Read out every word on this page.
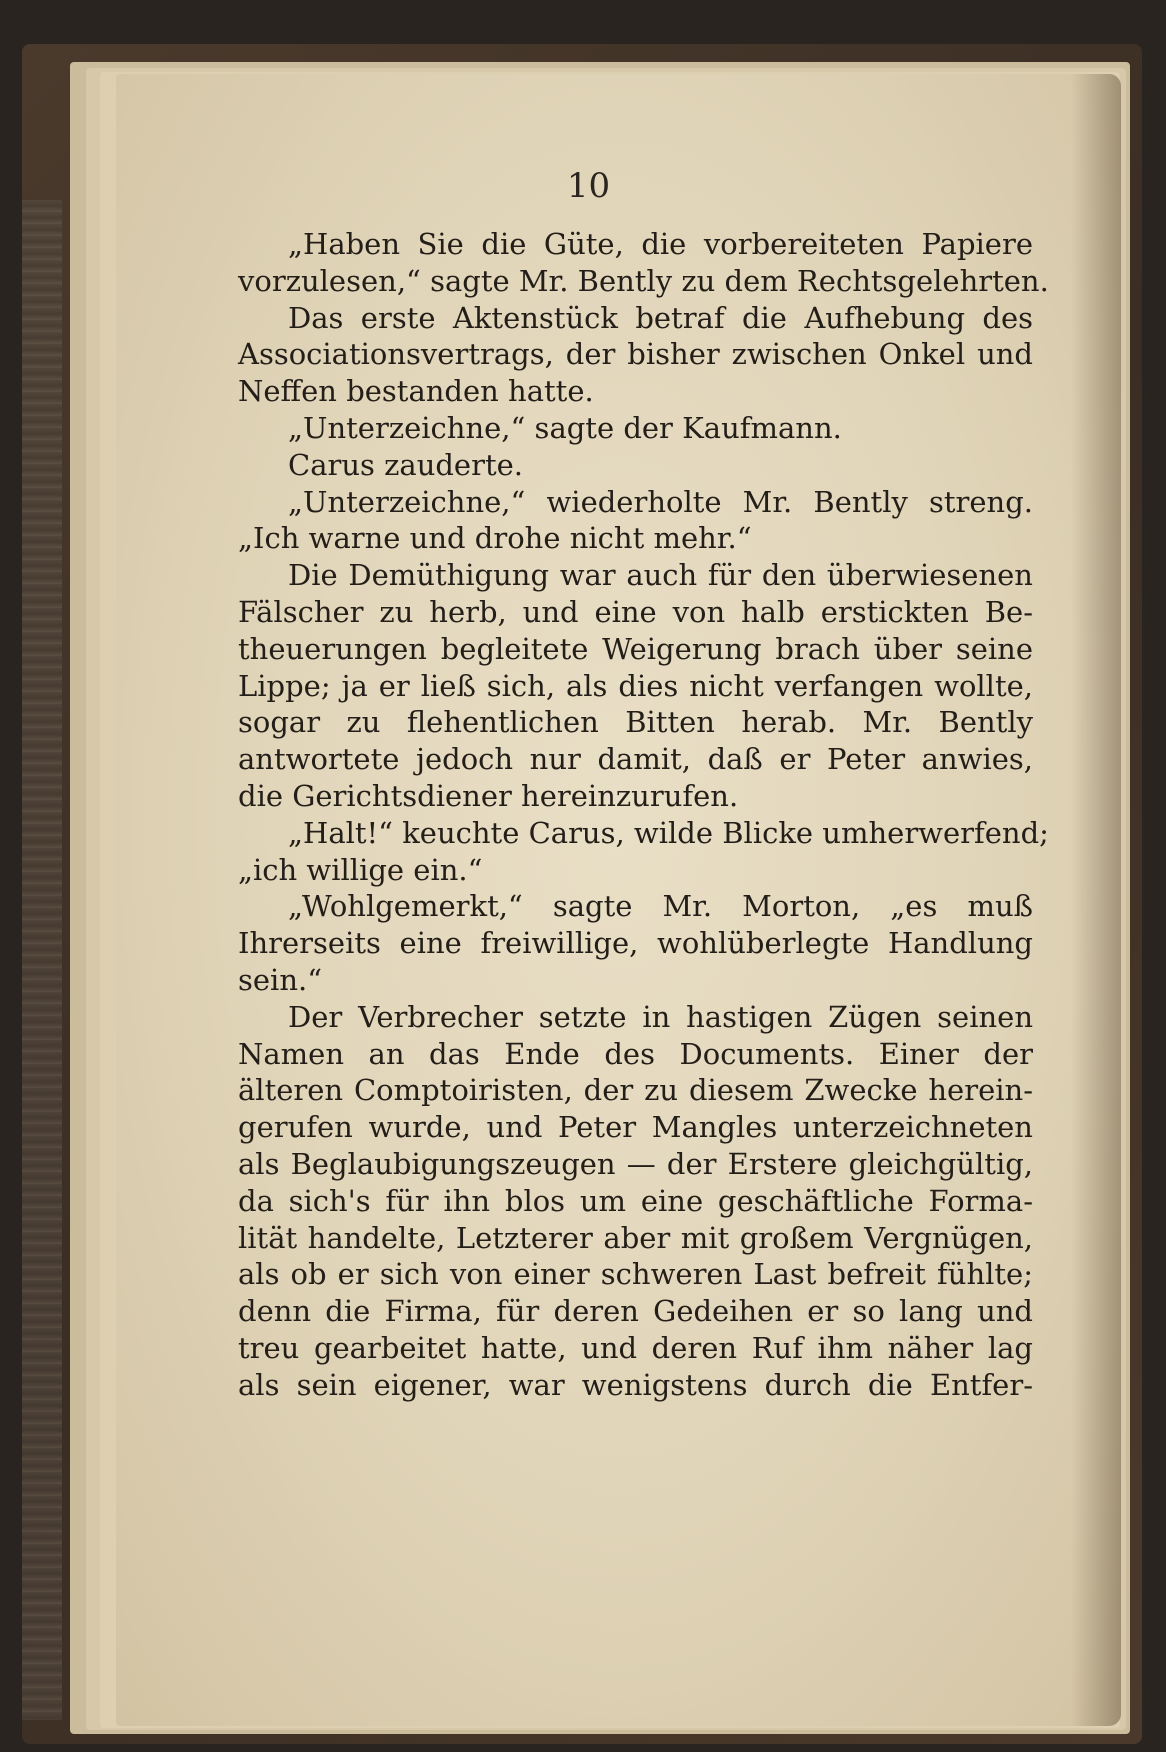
10
„Haben Sie die Güte, die vorbereiteten Papiere
vorzulesen,“ sagte Mr. Bently zu dem Rechtsgelehrten.
Das erste Aktenstück betraf die Aufhebung des
Associationsvertrags, der bisher zwischen Onkel und
Neffen bestanden hatte.
„Unterzeichne,“ sagte der Kaufmann.
Carus zauderte.
„Unterzeichne,“ wiederholte Mr. Bently streng.
„Ich warne und drohe nicht mehr.“
Die Demüthigung war auch für den überwiesenen
Fälscher zu herb, und eine von halb erstickten Be-
theuerungen begleitete Weigerung brach über seine
Lippe; ja er ließ sich, als dies nicht verfangen wollte,
sogar zu flehentlichen Bitten herab. Mr. Bently
antwortete jedoch nur damit, daß er Peter anwies,
die Gerichtsdiener hereinzurufen.
„Halt!“ keuchte Carus, wilde Blicke umherwerfend;
„ich willige ein.“
„Wohlgemerkt,“ sagte Mr. Morton, „es muß
Ihrerseits eine freiwillige, wohlüberlegte Handlung
sein.“
Der Verbrecher setzte in hastigen Zügen seinen
Namen an das Ende des Documents. Einer der
älteren Comptoiristen, der zu diesem Zwecke herein-
gerufen wurde, und Peter Mangles unterzeichneten
als Beglaubigungszeugen — der Erstere gleichgültig,
da sich's für ihn blos um eine geschäftliche Forma-
lität handelte, Letzterer aber mit großem Vergnügen,
als ob er sich von einer schweren Last befreit fühlte;
denn die Firma, für deren Gedeihen er so lang und
treu gearbeitet hatte, und deren Ruf ihm näher lag
als sein eigener, war wenigstens durch die Entfer-
